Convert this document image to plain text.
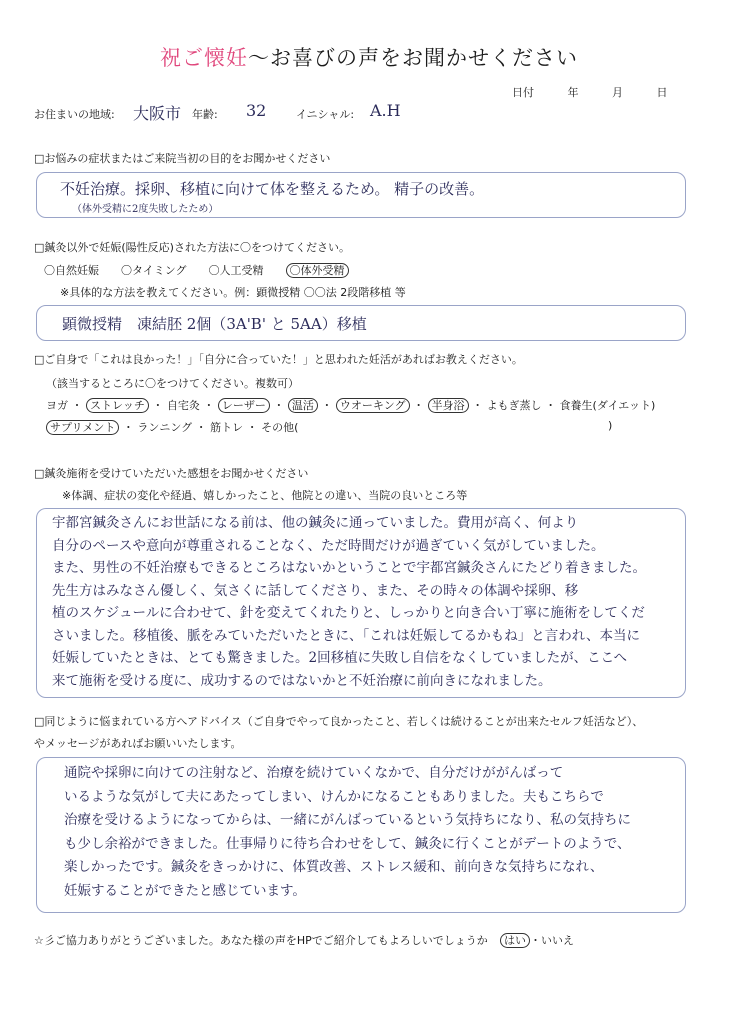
祝ご懐妊〜お喜びの声をお聞かせください
日付 年 月 日
お住まいの地域: 大阪市 年齢: 32	イニシャル: A.H
□お悩みの症状またはご来院当初の目的をお聞かせください
不妊治療。採卵、移植に向けて体を整えるため。 精子の改善。
（体外受精に2度失敗したため）
□鍼灸以外で妊娠(陽性反応)された方法に〇をつけてください。
〇自然妊娠 〇タイミング 〇人工受精 〇体外受精
※具体的な方法を教えてください。例：顕微授精 〇〇法 2段階移植 等
顕微授精　凍結胚 2個（3A'B' と 5AA）移植
□ご自身で「これは良かった！」「自分に合っていた！」と思われた妊活があればお教えください。
（該当するところに〇をつけてください。複数可）
ヨガ ・ ストレッチ ・ 自宅灸 ・ レーザー ・ 温活 ・ ウオーキング ・ 半身浴 ・ よもぎ蒸し ・ 食養生(ダイエット)
サプリメント ・ ランニング ・ 筋トレ ・ その他(	)
□鍼灸施術を受けていただいた感想をお聞かせください
※体調、症状の変化や経過、嬉しかったこと、他院との違い、当院の良いところ等
宇都宮鍼灸さんにお世話になる前は、他の鍼灸に通っていました。費用が高く、何より
自分のペースや意向が尊重されることなく、ただ時間だけが過ぎていく気がしていました。
また、男性の不妊治療もできるところはないかということで宇都宮鍼灸さんにたどり着きました。
先生方はみなさん優しく、気さくに話してくださり、また、その時々の体調や採卵、移
植のスケジュールに合わせて、針を変えてくれたりと、しっかりと向き合い丁寧に施術をしてくだ
さいました。移植後、脈をみていただいたときに、「これは妊娠してるかもね」と言われ、本当に
妊娠していたときは、とても驚きました。2回移植に失敗し自信をなくしていましたが、ここへ
来て施術を受ける度に、成功するのではないかと不妊治療に前向きになれました。
□同じように悩まれている方へアドバイス（ご自身でやって良かったこと、若しくは続けることが出来たセルフ妊活など）、
やメッセージがあればお願いいたします。
通院や採卵に向けての注射など、治療を続けていくなかで、自分だけががんばって
いるような気がして夫にあたってしまい、けんかになることもありました。夫もこちらで
治療を受けるようになってからは、一緒にがんばっているという気持ちになり、私の気持ちに
も少し余裕ができました。仕事帰りに待ち合わせをして、鍼灸に行くことがデートのようで、
楽しかったです。鍼灸をきっかけに、体質改善、ストレス緩和、前向きな気持ちになれ、
妊娠することができたと感じています。
☆彡ご協力ありがとうございました。あなた様の声をHPでご紹介してもよろしいでしょうか	はい ・いいえ
